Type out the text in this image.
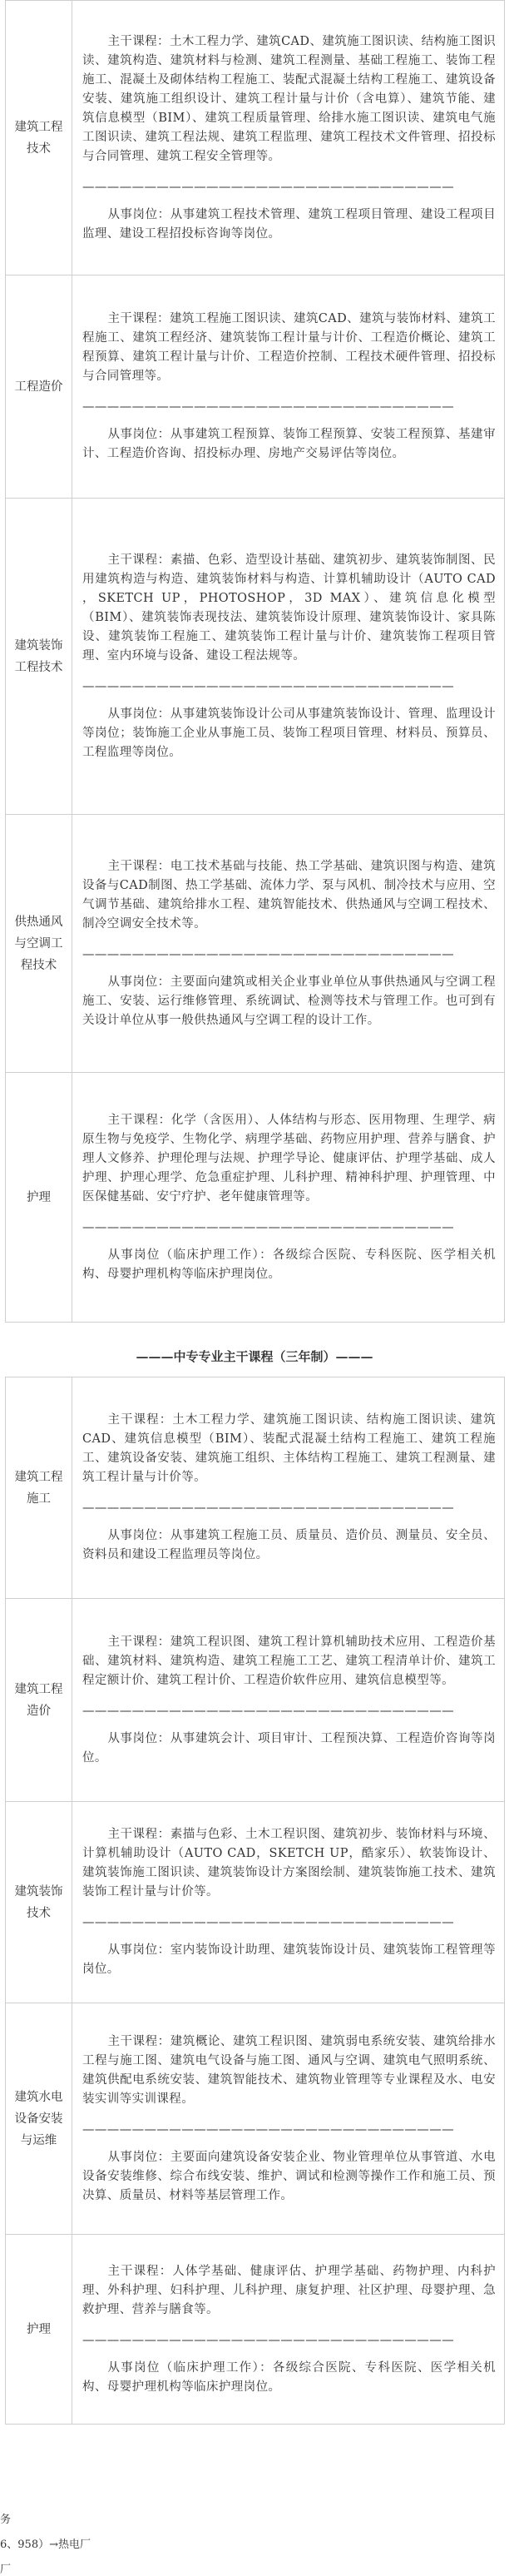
建筑工程技术	主干课程：土木工程力学、建筑CAD、建筑施工图识读、结构施工图识读、建筑构造、建筑材料与检测、建筑工程测量、基础工程施工、装饰工程施工、混凝土及砌体结构工程施工、装配式混凝土结构工程施工、建筑设备安装、建筑施工组织设计、建筑工程计量与计价（含电算）、建筑节能、建筑信息模型（BIM）、建筑工程质量管理、给排水施工图识读、建筑电气施工图识读、建筑工程法规、建筑工程监理、建筑工程技术文件管理、招投标与合同管理、建筑工程安全管理等。
——————————————————————————————
从事岗位：从事建筑工程技术管理、建筑工程项目管理、建设工程项目监理、建设工程招投标咨询等岗位。

工程造价	主干课程：建筑工程施工图识读、建筑CAD、建筑与装饰材料、建筑工程施工、建筑工程经济、建筑装饰工程计量与计价、工程造价概论、建筑工程预算、建筑工程计量与计价、工程造价控制、工程技术硬件管理、招投标与合同管理等。
——————————————————————————————
从事岗位：从事建筑工程预算、装饰工程预算、安装工程预算、基建审计、工程造价咨询、招投标办理、房地产交易评估等岗位。

建筑装饰工程技术	主干课程：素描、色彩、造型设计基础、建筑初步、建筑装饰制图、民用建筑构造与构造、建筑装饰材料与构造、计算机辅助设计（AUTO CAD ，SKETCH UP，PHOTOSHOP，3D MAX）、建筑信息化模型（BIM）、建筑装饰表现技法、建筑装饰设计原理、建筑装饰设计、家具陈设、建筑装饰工程施工、建筑装饰工程计量与计价、建筑装饰工程项目管理、室内环境与设备、建设工程法规等。
——————————————————————————————
从事岗位：从事建筑装饰设计公司从事建筑装饰设计、管理、监理设计等岗位；装饰施工企业从事施工员、装饰工程项目管理、材料员、预算员、工程监理等岗位。

供热通风与空调工程技术	主干课程：电工技术基础与技能、热工学基础、建筑识图与构造、建筑设备与CAD制图、热工学基础、流体力学、泵与风机、制冷技术与应用、空气调节基础、建筑给排水工程、建筑智能技术、供热通风与空调工程技术、制冷空调安全技术等。
——————————————————————————————
从事岗位：主要面向建筑或相关企业事业单位从事供热通风与空调工程施工、安装、运行维修管理、系统调试、检测等技术与管理工作。也可到有关设计单位从事一般供热通风与空调工程的设计工作。

护理	主干课程：化学（含医用）、人体结构与形态、医用物理、生理学、病原生物与免疫学、生物化学、病理学基础、药物应用护理、营养与膳食、护理人文修养、护理伦理与法规、护理学导论、健康评估、护理学基础、成人护理、护理心理学、危急重症护理、儿科护理、精神科护理、护理管理、中医保健基础、安宁疗护、老年健康管理等。
——————————————————————————————
从事岗位（临床护理工作）：各级综合医院、专科医院、医学相关机构、母婴护理机构等临床护理岗位。
———中专专业主干课程（三年制）———
建筑工程施工	主干课程：土木工程力学、建筑施工图识读、结构施工图识读、建筑CAD、建筑信息模型（BIM）、装配式混凝土结构工程施工、建筑工程施工、建筑设备安装、建筑施工组织、主体结构工程施工、建筑工程测量、建筑工程计量与计价等。
——————————————————————————————
从事岗位：从事建筑工程施工员、质量员、造价员、测量员、安全员、资料员和建设工程监理员等岗位。

建筑工程造价	主干课程：建筑工程识图、建筑工程计算机辅助技术应用、工程造价基础、建筑材料、建筑构造、建筑工程施工工艺、建筑工程清单计价、建筑工程定额计价、建筑工程计价、工程造价软件应用、建筑信息模型等。
——————————————————————————————
从事岗位：从事建筑会计、项目审计、工程预决算、工程造价咨询等岗位。

建筑装饰技术	主干课程：素描与色彩、土木工程识图、建筑初步、装饰材料与环境、计算机辅助设计（AUTO CAD，SKETCH UP，酷家乐）、软装饰设计、建筑装饰施工图识读、建筑装饰设计方案图绘制、建筑装饰施工技术、建筑装饰工程计量与计价等。
——————————————————————————————
从事岗位：室内装饰设计助理、建筑装饰设计员、建筑装饰工程管理等岗位。

建筑水电设备安装与运维	主干课程：建筑概论、建筑工程识图、建筑弱电系统安装、建筑给排水工程与施工图、建筑电气设备与施工图、通风与空调、建筑电气照明系统、建筑供配电系统安装、建筑智能技术、建筑物业管理等专业课程及水、电安装实训等实训课程。
——————————————————————————————
从事岗位：主要面向建筑设备安装企业、物业管理单位从事管道、水电设备安装维修、综合布线安装、维护、调试和检测等操作工作和施工员、预决算、质量员、材料等基层管理工作。

护理	主干课程：人体学基础、健康评估、护理学基础、药物护理、内科护理、外科护理、妇科护理、儿科护理、康复护理、社区护理、母婴护理、急救护理、营养与膳食等。
——————————————————————————————
从事岗位（临床护理工作）：各级综合医院、专科医院、医学相关机构、母婴护理机构等临床护理岗位。
务
6、958）→热电厂
厂
